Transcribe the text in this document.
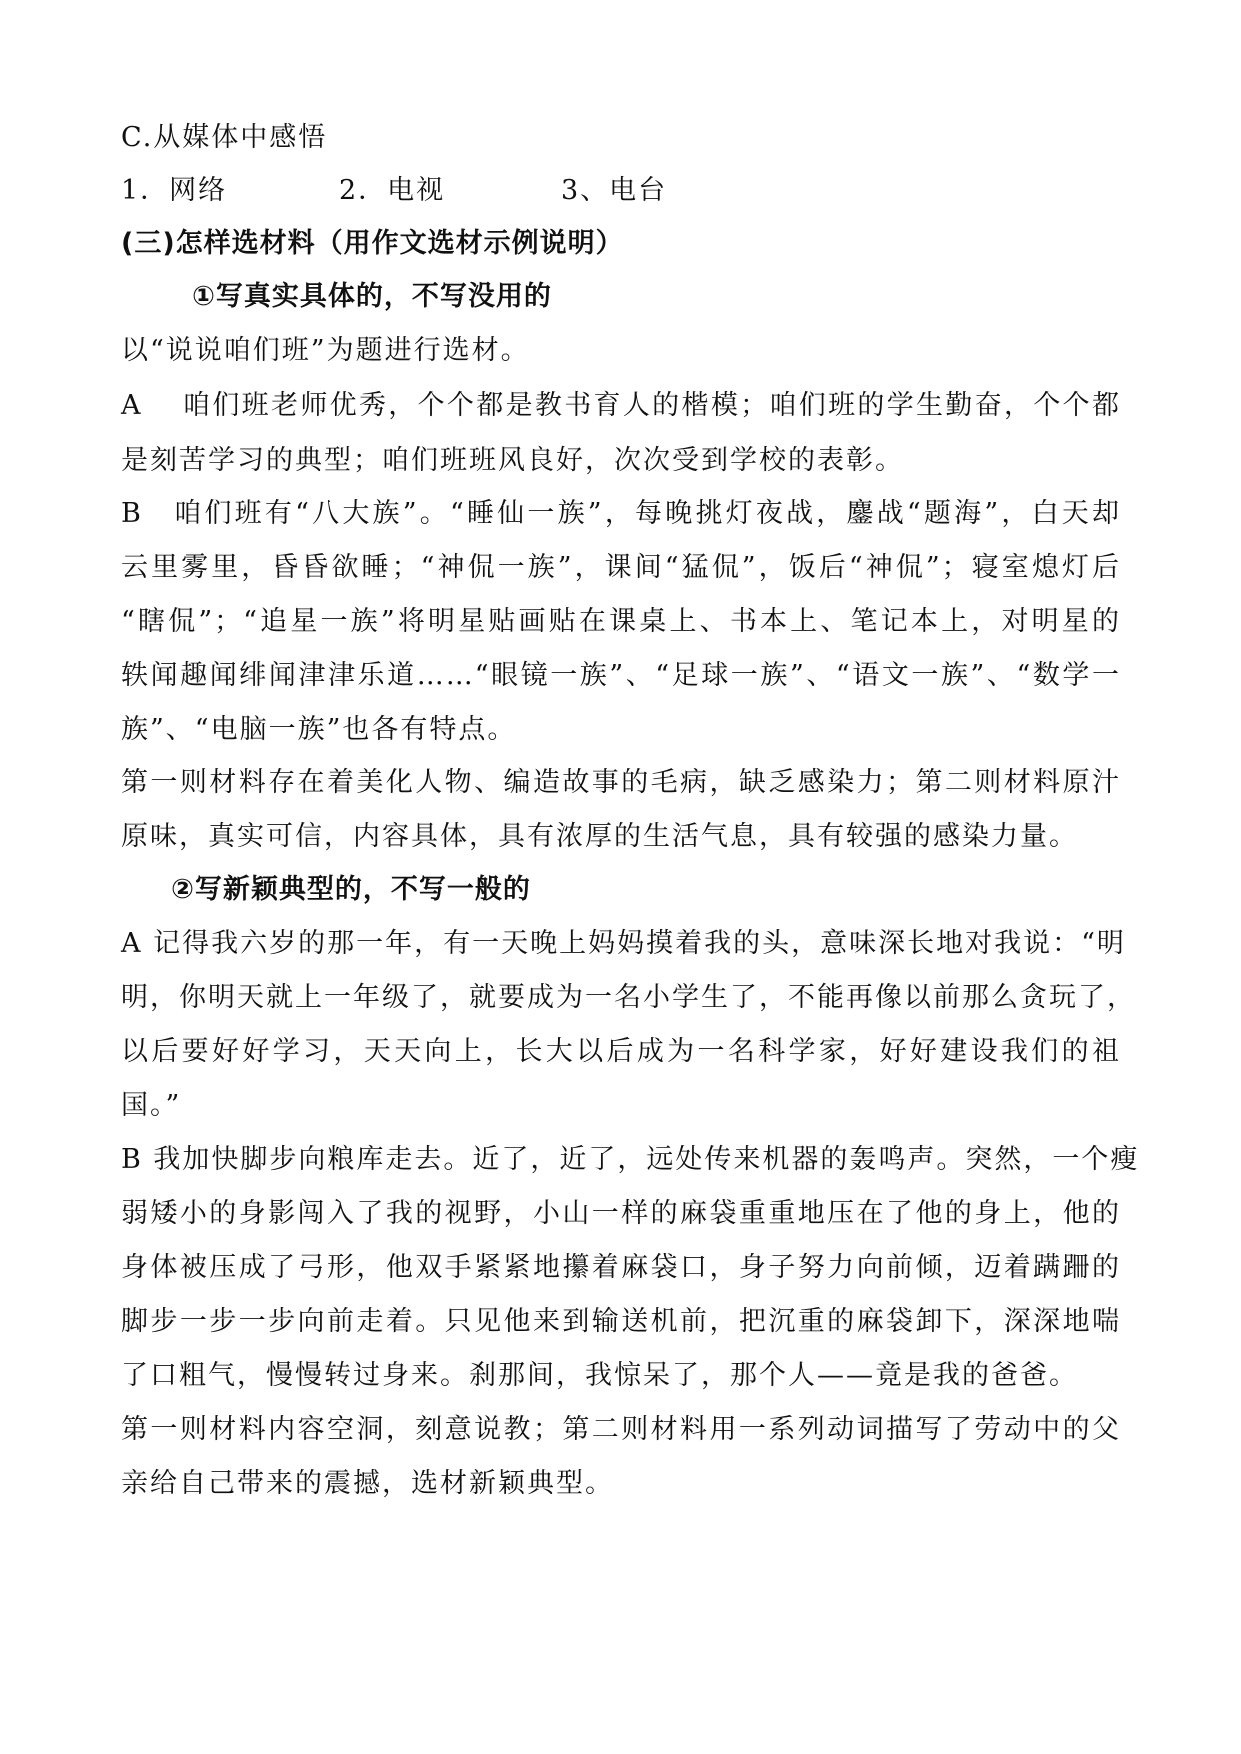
C.从媒体中感悟
1．网络	2．电视	3、电台
(三)怎样选材料（用作文选材示例说明）
①写真实具体的，不写没用的
以“说说咱们班”为题进行选材。
A　 咱们班老师优秀，个个都是教书育人的楷模；咱们班的学生勤奋，个个都
是刻苦学习的典型；咱们班班风良好，次次受到学校的表彰。
B　咱们班有“八大族”。“睡仙一族”，每晚挑灯夜战，鏖战“题海”，白天却
云里雾里，昏昏欲睡；“神侃一族”，课间“猛侃”，饭后“神侃”；寝室熄灯后
“瞎侃”；“追星一族”将明星贴画贴在课桌上、书本上、笔记本上，对明星的
轶闻趣闻绯闻津津乐道……“眼镜一族”、“足球一族”、“语文一族”、“数学一
族”、“电脑一族”也各有特点。
第一则材料存在着美化人物、编造故事的毛病，缺乏感染力；第二则材料原汁
原味，真实可信，内容具体，具有浓厚的生活气息，具有较强的感染力量。
②写新颖典型的，不写一般的
A 记得我六岁的那一年，有一天晚上妈妈摸着我的头，意味深长地对我说：“明
明，你明天就上一年级了，就要成为一名小学生了，不能再像以前那么贪玩了，
以后要好好学习，天天向上，长大以后成为一名科学家，好好建设我们的祖
国。”
B 我加快脚步向粮库走去。近了，近了，远处传来机器的轰鸣声。突然，一个瘦
弱矮小的身影闯入了我的视野，小山一样的麻袋重重地压在了他的身上，他的
身体被压成了弓形，他双手紧紧地攥着麻袋口，身子努力向前倾，迈着蹒跚的
脚步一步一步向前走着。只见他来到输送机前，把沉重的麻袋卸下，深深地喘
了口粗气，慢慢转过身来。刹那间，我惊呆了，那个人——竟是我的爸爸。
第一则材料内容空洞，刻意说教；第二则材料用一系列动词描写了劳动中的父
亲给自己带来的震撼，选材新颖典型。
